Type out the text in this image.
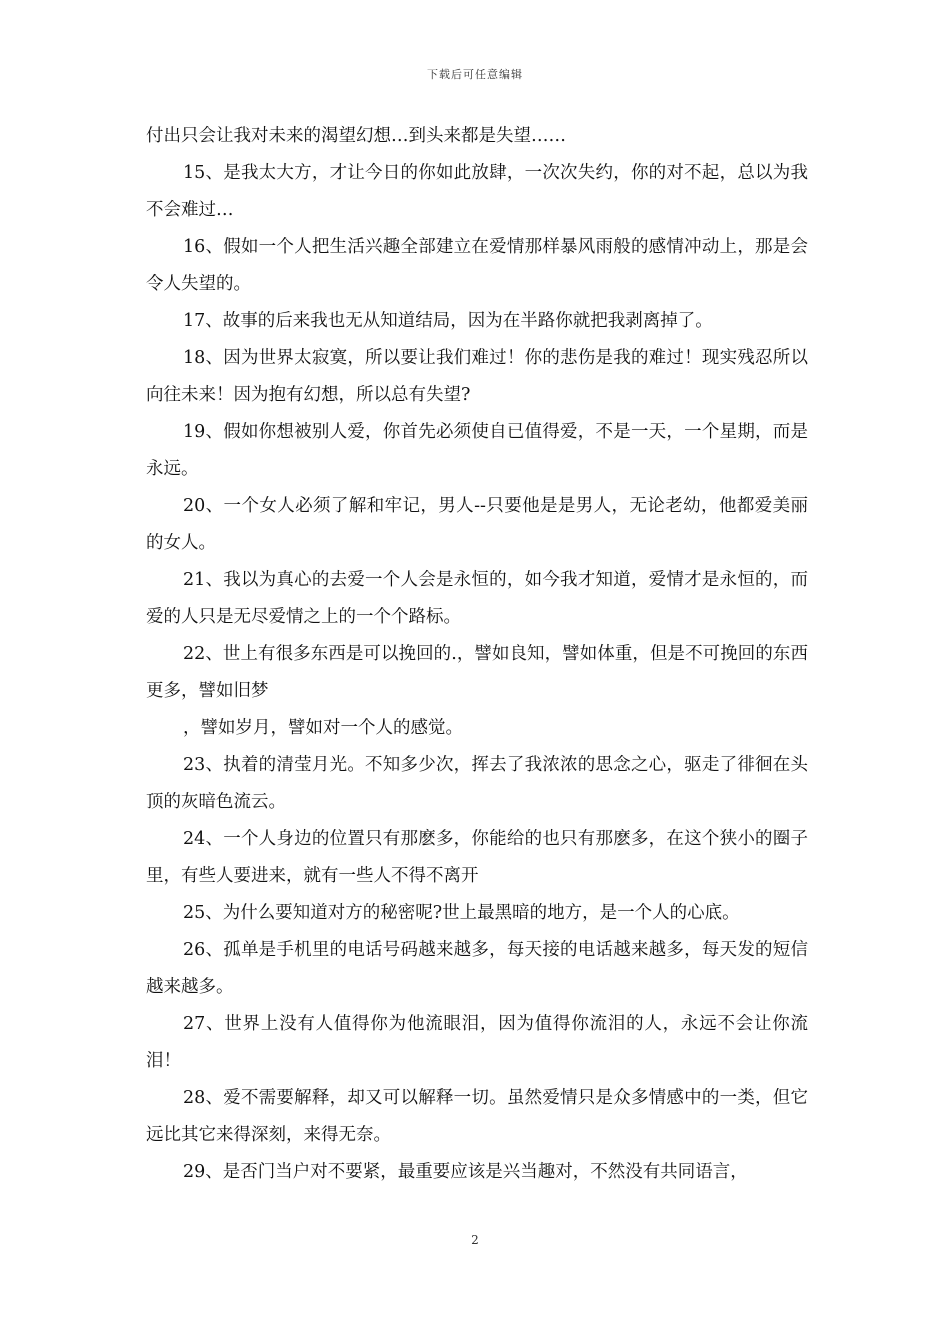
下载后可任意编辑

付出只会让我对未来的渴望幻想…到头来都是失望……

15、是我太大方，才让今日的你如此放肆，一次次失约，你的对不起，总以为我不会难过…

16、假如一个人把生活兴趣全部建立在爱情那样暴风雨般的感情冲动上，那是会令人失望的。

17、故事的后来我也无从知道结局，因为在半路你就把我剥离掉了。

18、因为世界太寂寞，所以要让我们难过！你的悲伤是我的难过！现实残忍所以向往未来！因为抱有幻想，所以总有失望?

19、假如你想被别人爱，你首先必须使自已值得爱，不是一天，一个星期，而是永远。

20、一个女人必须了解和牢记，男人--只要他是是男人，无论老幼，他都爱美丽的女人。

21、我以为真心的去爱一个人会是永恒的，如今我才知道，爱情才是永恒的，而爱的人只是无尽爱情之上的一个个路标。

22、世上有很多东西是可以挽回的.，譬如良知，譬如体重，但是不可挽回的东西更多，譬如旧梦

，譬如岁月，譬如对一个人的感觉。

23、执着的清莹月光。不知多少次，挥去了我浓浓的思念之心，驱走了徘徊在头顶的灰暗色流云。

24、一个人身边的位置只有那麽多，你能给的也只有那麽多，在这个狭小的圈子里，有些人要进来，就有一些人不得不离开

25、为什么要知道对方的秘密呢?世上最黑暗的地方，是一个人的心底。

26、孤单是手机里的电话号码越来越多，每天接的电话越来越多，每天发的短信越来越多。

27、世界上没有人值得你为他流眼泪，因为值得你流泪的人，永远不会让你流泪！

28、爱不需要解释，却又可以解释一切。虽然爱情只是众多情感中的一类，但它远比其它来得深刻，来得无奈。

29、是否门当户对不要紧，最重要应该是兴当趣对，不然没有共同语言，

2
